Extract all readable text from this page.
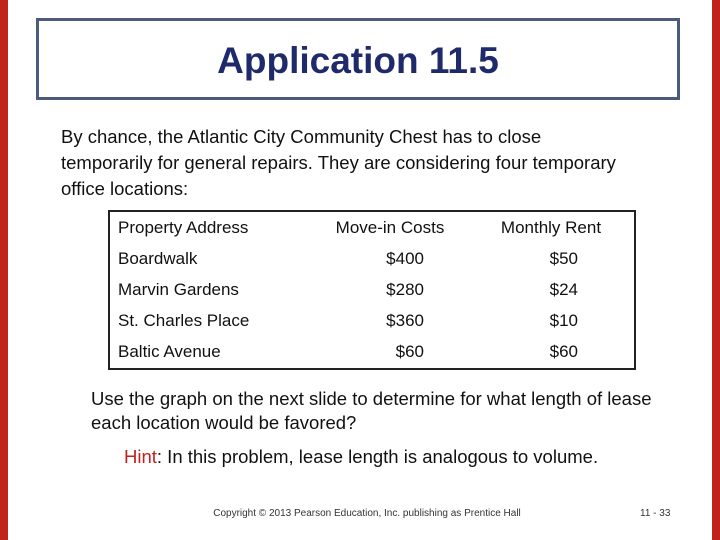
Application 11.5
By chance, the Atlantic City Community Chest has to close temporarily for general repairs. They are considering four temporary office locations:
Property Address	Move-in Costs	Monthly Rent
Boardwalk	$400	$50
Marvin Gardens	$280	$24
St. Charles Place	$360	$10
Baltic Avenue	$60	$60
Use the graph on the next slide to determine for what length of lease each location would be favored?
Hint: In this problem, lease length is analogous to volume.
Copyright © 2013 Pearson Education, Inc. publishing as Prentice Hall	11 - 33
